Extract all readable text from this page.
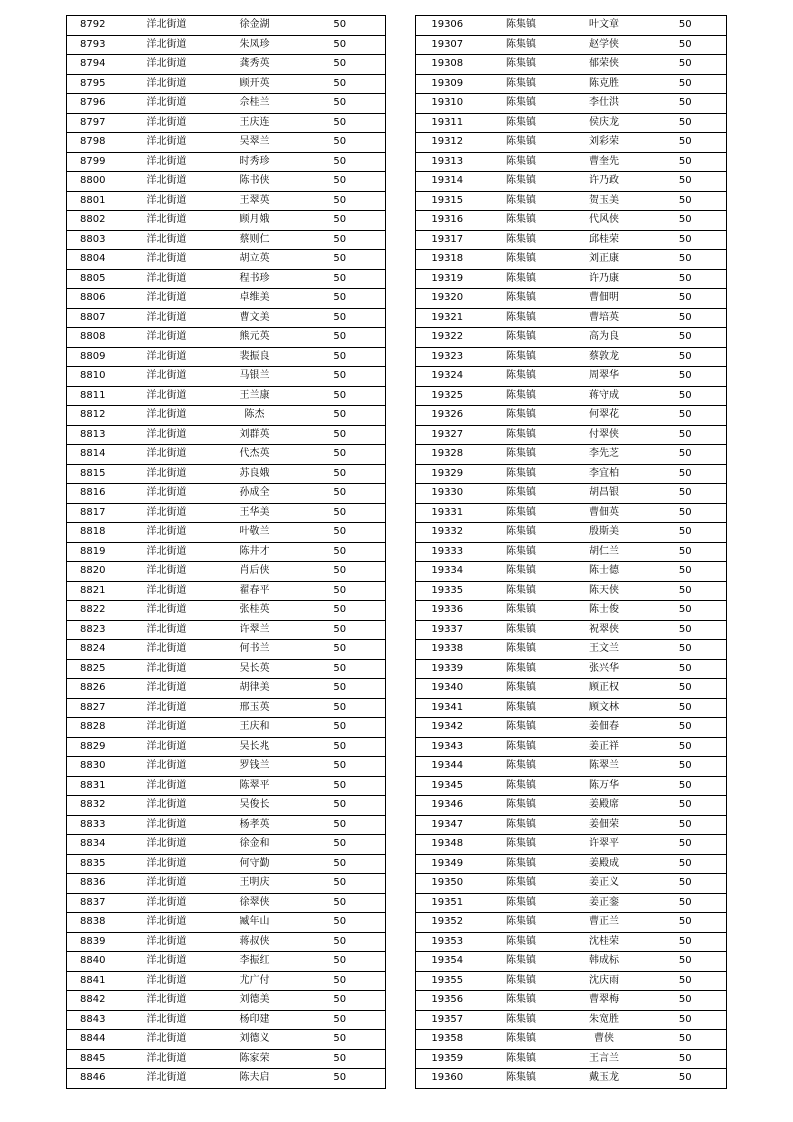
8792	洋北街道	徐金湖	50
8793	洋北街道	朱凤珍	50
8794	洋北街道	龚秀英	50
8795	洋北街道	顾开英	50
8796	洋北街道	佘桂兰	50
8797	洋北街道	王庆连	50
8798	洋北街道	吴翠兰	50
8799	洋北街道	时秀珍	50
8800	洋北街道	陈书侠	50
8801	洋北街道	王翠英	50
8802	洋北街道	顾月娥	50
8803	洋北街道	蔡则仁	50
8804	洋北街道	胡立英	50
8805	洋北街道	程书珍	50
8806	洋北街道	卓维美	50
8807	洋北街道	曹文美	50
8808	洋北街道	熊元英	50
8809	洋北街道	裴振良	50
8810	洋北街道	马银兰	50
8811	洋北街道	王兰康	50
8812	洋北街道	陈杰	50
8813	洋北街道	刘群英	50
8814	洋北街道	代杰英	50
8815	洋北街道	苏良娥	50
8816	洋北街道	孙成全	50
8817	洋北街道	王华美	50
8818	洋北街道	叶敬兰	50
8819	洋北街道	陈井才	50
8820	洋北街道	肖后侠	50
8821	洋北街道	翟春平	50
8822	洋北街道	张桂英	50
8823	洋北街道	许翠兰	50
8824	洋北街道	何书兰	50
8825	洋北街道	吴长英	50
8826	洋北街道	胡律美	50
8827	洋北街道	邢玉英	50
8828	洋北街道	王庆和	50
8829	洋北街道	吴长兆	50
8830	洋北街道	罗钱兰	50
8831	洋北街道	陈翠平	50
8832	洋北街道	吴俊长	50
8833	洋北街道	杨孝英	50
8834	洋北街道	徐金和	50
8835	洋北街道	何守勤	50
8836	洋北街道	王明庆	50
8837	洋北街道	徐翠侠	50
8838	洋北街道	臧年山	50
8839	洋北街道	蒋叔侠	50
8840	洋北街道	李振红	50
8841	洋北街道	尤广付	50
8842	洋北街道	刘德美	50
8843	洋北街道	杨印建	50
8844	洋北街道	刘德义	50
8845	洋北街道	陈家荣	50
8846	洋北街道	陈夫启	50
19306	陈集镇	叶文章	50
19307	陈集镇	赵学侠	50
19308	陈集镇	郁荣侠	50
19309	陈集镇	陈克胜	50
19310	陈集镇	李仕洪	50
19311	陈集镇	侯庆龙	50
19312	陈集镇	刘彩荣	50
19313	陈集镇	曹奎先	50
19314	陈集镇	许乃政	50
19315	陈集镇	贺玉美	50
19316	陈集镇	代风侠	50
19317	陈集镇	邱桂荣	50
19318	陈集镇	刘正康	50
19319	陈集镇	许乃康	50
19320	陈集镇	曹佃明	50
19321	陈集镇	曹培英	50
19322	陈集镇	高为良	50
19323	陈集镇	蔡敦龙	50
19324	陈集镇	周翠华	50
19325	陈集镇	蒋守成	50
19326	陈集镇	何翠花	50
19327	陈集镇	付翠侠	50
19328	陈集镇	李先芝	50
19329	陈集镇	李宜柏	50
19330	陈集镇	胡昌银	50
19331	陈集镇	曹佃英	50
19332	陈集镇	殷斯美	50
19333	陈集镇	胡仁兰	50
19334	陈集镇	陈士德	50
19335	陈集镇	陈天侠	50
19336	陈集镇	陈士俊	50
19337	陈集镇	祝翠侠	50
19338	陈集镇	王文兰	50
19339	陈集镇	张兴华	50
19340	陈集镇	顾正权	50
19341	陈集镇	顾文林	50
19342	陈集镇	姜佃春	50
19343	陈集镇	姜正祥	50
19344	陈集镇	陈翠兰	50
19345	陈集镇	陈万华	50
19346	陈集镇	姜殿席	50
19347	陈集镇	姜佃荣	50
19348	陈集镇	许翠平	50
19349	陈集镇	姜殿成	50
19350	陈集镇	姜正义	50
19351	陈集镇	姜正銮	50
19352	陈集镇	曹正兰	50
19353	陈集镇	沈桂荣	50
19354	陈集镇	韩成标	50
19355	陈集镇	沈庆雨	50
19356	陈集镇	曹翠梅	50
19357	陈集镇	朱宽胜	50
19358	陈集镇	曹侠	50
19359	陈集镇	王言兰	50
19360	陈集镇	戴玉龙	50
